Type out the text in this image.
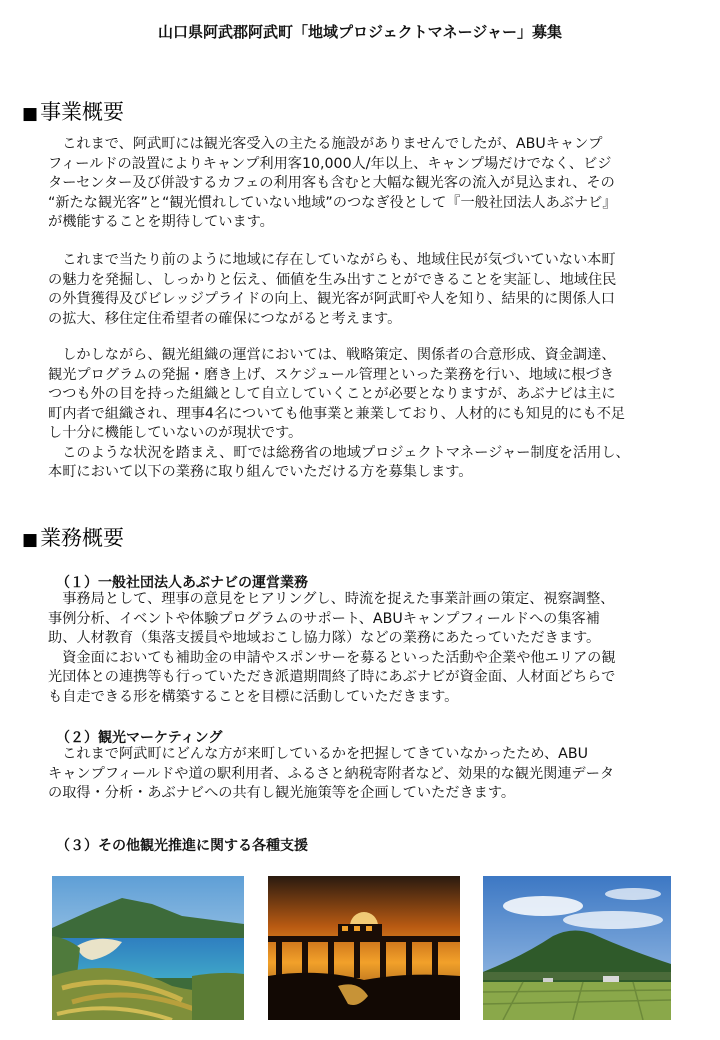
山口県阿武郡阿武町「地域プロジェクトマネージャー」募集
■事業概要

　これまで、阿武町には観光客受入の主たる施設がありませんでしたが、ABUキャンプ
フィールドの設置によりキャンプ利用客10,000人/年以上、キャンプ場だけでなく、ビジ
ターセンター及び併設するカフェの利用客も含むと大幅な観光客の流入が見込まれ、その
“新たな観光客”と“観光慣れしていない地域”のつなぎ役として『一般社団法人あぶナビ』
が機能することを期待しています。

　これまで当たり前のように地域に存在していながらも、地域住民が気づいていない本町
の魅力を発掘し、しっかりと伝え、価値を生み出すことができることを実証し、地域住民
の外貨獲得及びビレッジプライドの向上、観光客が阿武町や人を知り、結果的に関係人口
の拡大、移住定住希望者の確保につながると考えます。

　しかしながら、観光組織の運営においては、戦略策定、関係者の合意形成、資金調達、
観光プログラムの発掘・磨き上げ、スケジュール管理といった業務を行い、地域に根づき
つつも外の目を持った組織として自立していくことが必要となりますが、あぶナビは主に
町内者で組織され、理事4名についても他事業と兼業しており、人材的にも知見的にも不足
し十分に機能していないのが現状です。
　このような状況を踏まえ、町では総務省の地域プロジェクトマネージャー制度を活用し、
本町において以下の業務に取り組んでいただける方を募集します。

■業務概要
（１）一般社団法人あぶナビの運営業務

　事務局として、理事の意見をヒアリングし、時流を捉えた事業計画の策定、視察調整、
事例分析、イベントや体験プログラムのサポート、ABUキャンプフィールドへの集客補
助、人材教育（集落支援員や地域おこし協力隊）などの業務にあたっていただきます。
　資金面においても補助金の申請やスポンサーを募るといった活動や企業や他エリアの観
光団体との連携等も行っていただき派遣期間終了時にあぶナビが資金面、人材面どちらで
も自走できる形を構築することを目標に活動していただきます。

（２）観光マーケティング

　これまで阿武町にどんな方が来町しているかを把握してきていなかったため、ABU
キャンプフィールドや道の駅利用者、ふるさと納税寄附者など、効果的な観光関連データ
の取得・分析・あぶナビへの共有し観光施策等を企画していただきます。

（３）その他観光推進に関する各種支援
